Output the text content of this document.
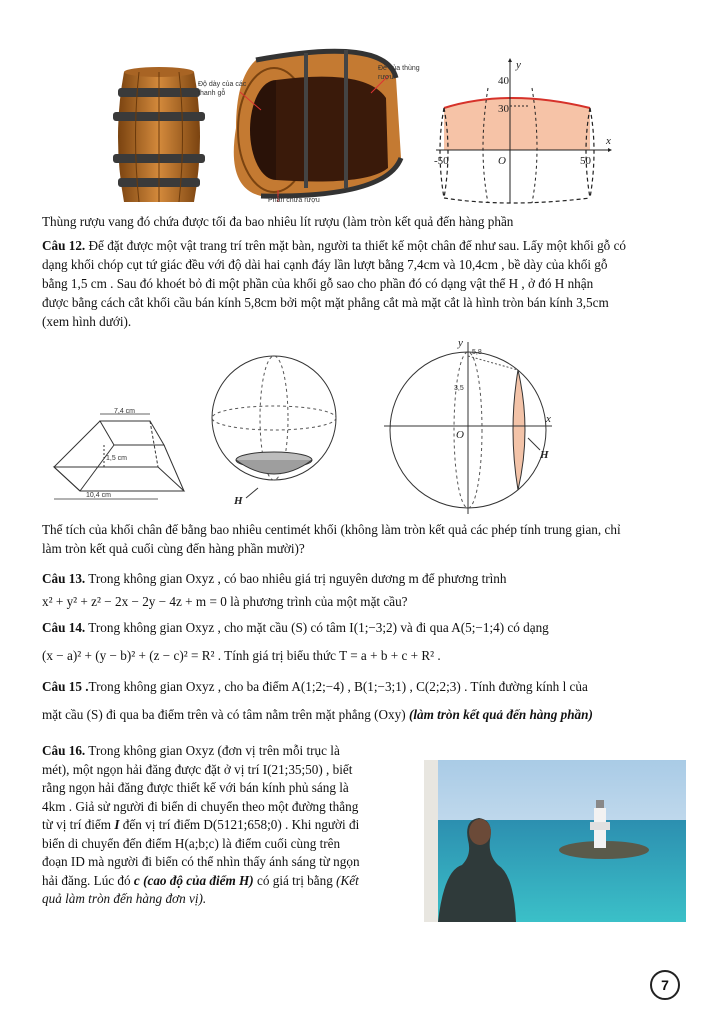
Độ dày của các thanh gỗ
Đế của thùng rượu
Phần chứa rượu
y
x
40
30
-50	O	50
Thùng rượu vang đó chứa được tối đa bao nhiêu lít rượu (làm tròn kết quả đến hàng phần
Câu 12. Để đặt được một vật trang trí trên mặt bàn, người ta thiết kế một chân đế như sau. Lấy một khối gỗ có
dạng khối chóp cụt tứ giác đều với độ dài hai cạnh đáy lần lượt bằng 7,4cm và 10,4cm , bề dày của khối gỗ
bằng 1,5 cm . Sau đó khoét bỏ đi một phần của khối gỗ sao cho phần đó có dạng vật thể H , ở đó H nhận
được bằng cách cắt khối cầu bán kính 5,8cm bởi một mặt phẳng cắt mà mặt cắt là hình tròn bán kính 3,5cm
(xem hình dưới).
7,4 cm
1,5 cm
10,4 cm	H
y
x
5,8
3,5
O
H
Thể tích của khối chân đế bằng bao nhiêu centimét khối (không làm tròn kết quả các phép tính trung gian, chỉ
làm tròn kết quả cuối cùng đến hàng phần mười)?
Câu 13. Trong không gian Oxyz , có bao nhiêu giá trị nguyên dương m để phương trình
x² + y² + z² − 2x − 2y − 4z + m = 0 là phương trình của một mặt cầu?
Câu 14. Trong không gian Oxyz , cho mặt cầu (S) có tâm I(1;−3;2) và đi qua A(5;−1;4) có dạng
(x − a)² + (y − b)² + (z − c)² = R² . Tính giá trị biểu thức T = a + b + c + R² .
Câu 15 .Trong không gian Oxyz , cho ba điểm A(1;2;−4) , B(1;−3;1) , C(2;2;3) . Tính đường kính l của
mặt cầu (S) đi qua ba điểm trên và có tâm nằm trên mặt phẳng (Oxy) (làm tròn kết quả đến hàng phần)
Câu 16. Trong không gian Oxyz (đơn vị trên mỗi trục là
mét), một ngọn hải đăng được đặt ở vị trí I(21;35;50) , biết
rằng ngọn hải đăng được thiết kế với bán kính phủ sáng là
4km . Giả sử người đi biển di chuyển theo một đường thẳng
từ vị trí điểm I đến vị trí điểm D(5121;658;0) . Khi người đi
biển di chuyển đến điểm H(a;b;c) là điểm cuối cùng trên
đoạn ID mà người đi biển có thể nhìn thấy ánh sáng từ ngọn
hải đăng. Lúc đó c (cao độ của điểm H) có giá trị bằng (Kết
quả làm tròn đến hàng đơn vị).
7
